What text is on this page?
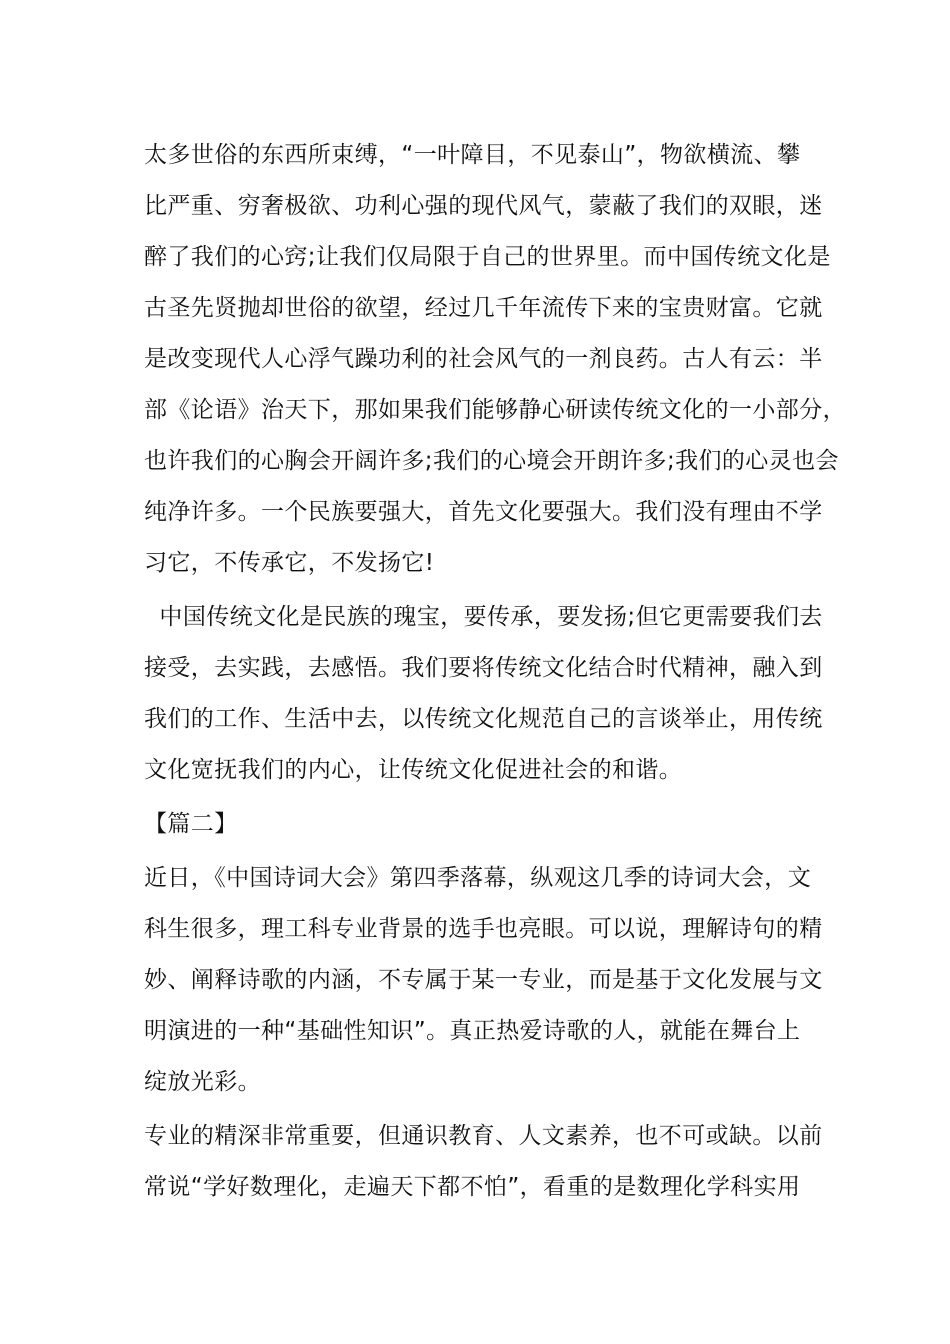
太多世俗的东西所束缚，“一叶障目，不见泰山”，物欲横流、攀
比严重、穷奢极欲、功利心强的现代风气，蒙蔽了我们的双眼，迷
醉了我们的心窍;让我们仅局限于自己的世界里。而中国传统文化是
古圣先贤抛却世俗的欲望，经过几千年流传下来的宝贵财富。它就
是改变现代人心浮气躁功利的社会风气的一剂良药。古人有云：半
部《论语》治天下，那如果我们能够静心研读传统文化的一小部分，
也许我们的心胸会开阔许多;我们的心境会开朗许多;我们的心灵也会
纯净许多。一个民族要强大，首先文化要强大。我们没有理由不学
习它，不传承它，不发扬它!
中国传统文化是民族的瑰宝，要传承，要发扬;但它更需要我们去
接受，去实践，去感悟。我们要将传统文化结合时代精神，融入到
我们的工作、生活中去，以传统文化规范自己的言谈举止，用传统
文化宽抚我们的内心，让传统文化促进社会的和谐。
【篇二】
近日，《中国诗词大会》第四季落幕，纵观这几季的诗词大会，文
科生很多，理工科专业背景的选手也亮眼。可以说，理解诗句的精
妙、阐释诗歌的内涵，不专属于某一专业，而是基于文化发展与文
明演进的一种“基础性知识”。真正热爱诗歌的人，就能在舞台上
绽放光彩。
专业的精深非常重要，但通识教育、人文素养，也不可或缺。以前
常说“学好数理化，走遍天下都不怕”，看重的是数理化学科实用
